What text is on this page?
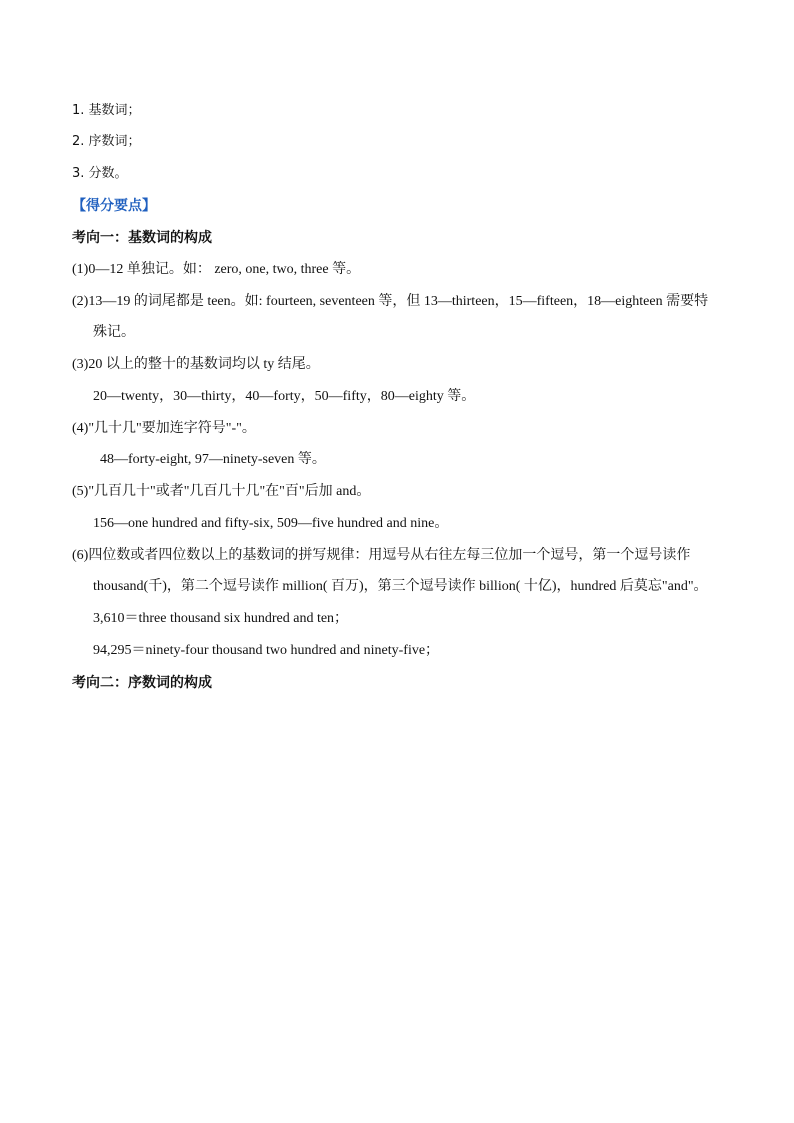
1. 基数词；
2. 序数词；
3. 分数。
【得分要点】
考向一：基数词的构成
(1)0—12 单独记。如： zero, one, two, three 等。
(2)13—19 的词尾都是 teen。如: fourteen, seventeen 等，但 13—thirteen，15—fifteen，18—eighteen 需要特
殊记。
(3)20 以上的整十的基数词均以 ty 结尾。
20—twenty，30—thirty，40—forty，50—fifty，80—eighty 等。
(4)"几十几"要加连字符号"-"。
48—forty-eight, 97—ninety-seven 等。
(5)"几百几十"或者"几百几十几"在"百"后加 and。
156—one hundred and fifty-six, 509—five hundred and nine。
(6)四位数或者四位数以上的基数词的拼写规律：用逗号从右往左每三位加一个逗号，第一个逗号读作
thousand(千)，第二个逗号读作 million( 百万)，第三个逗号读作 billion( 十亿)，hundred 后莫忘"and"。
3,610＝three thousand six hundred and ten；
94,295＝ninety-four thousand two hundred and ninety-five；
考向二：序数词的构成
